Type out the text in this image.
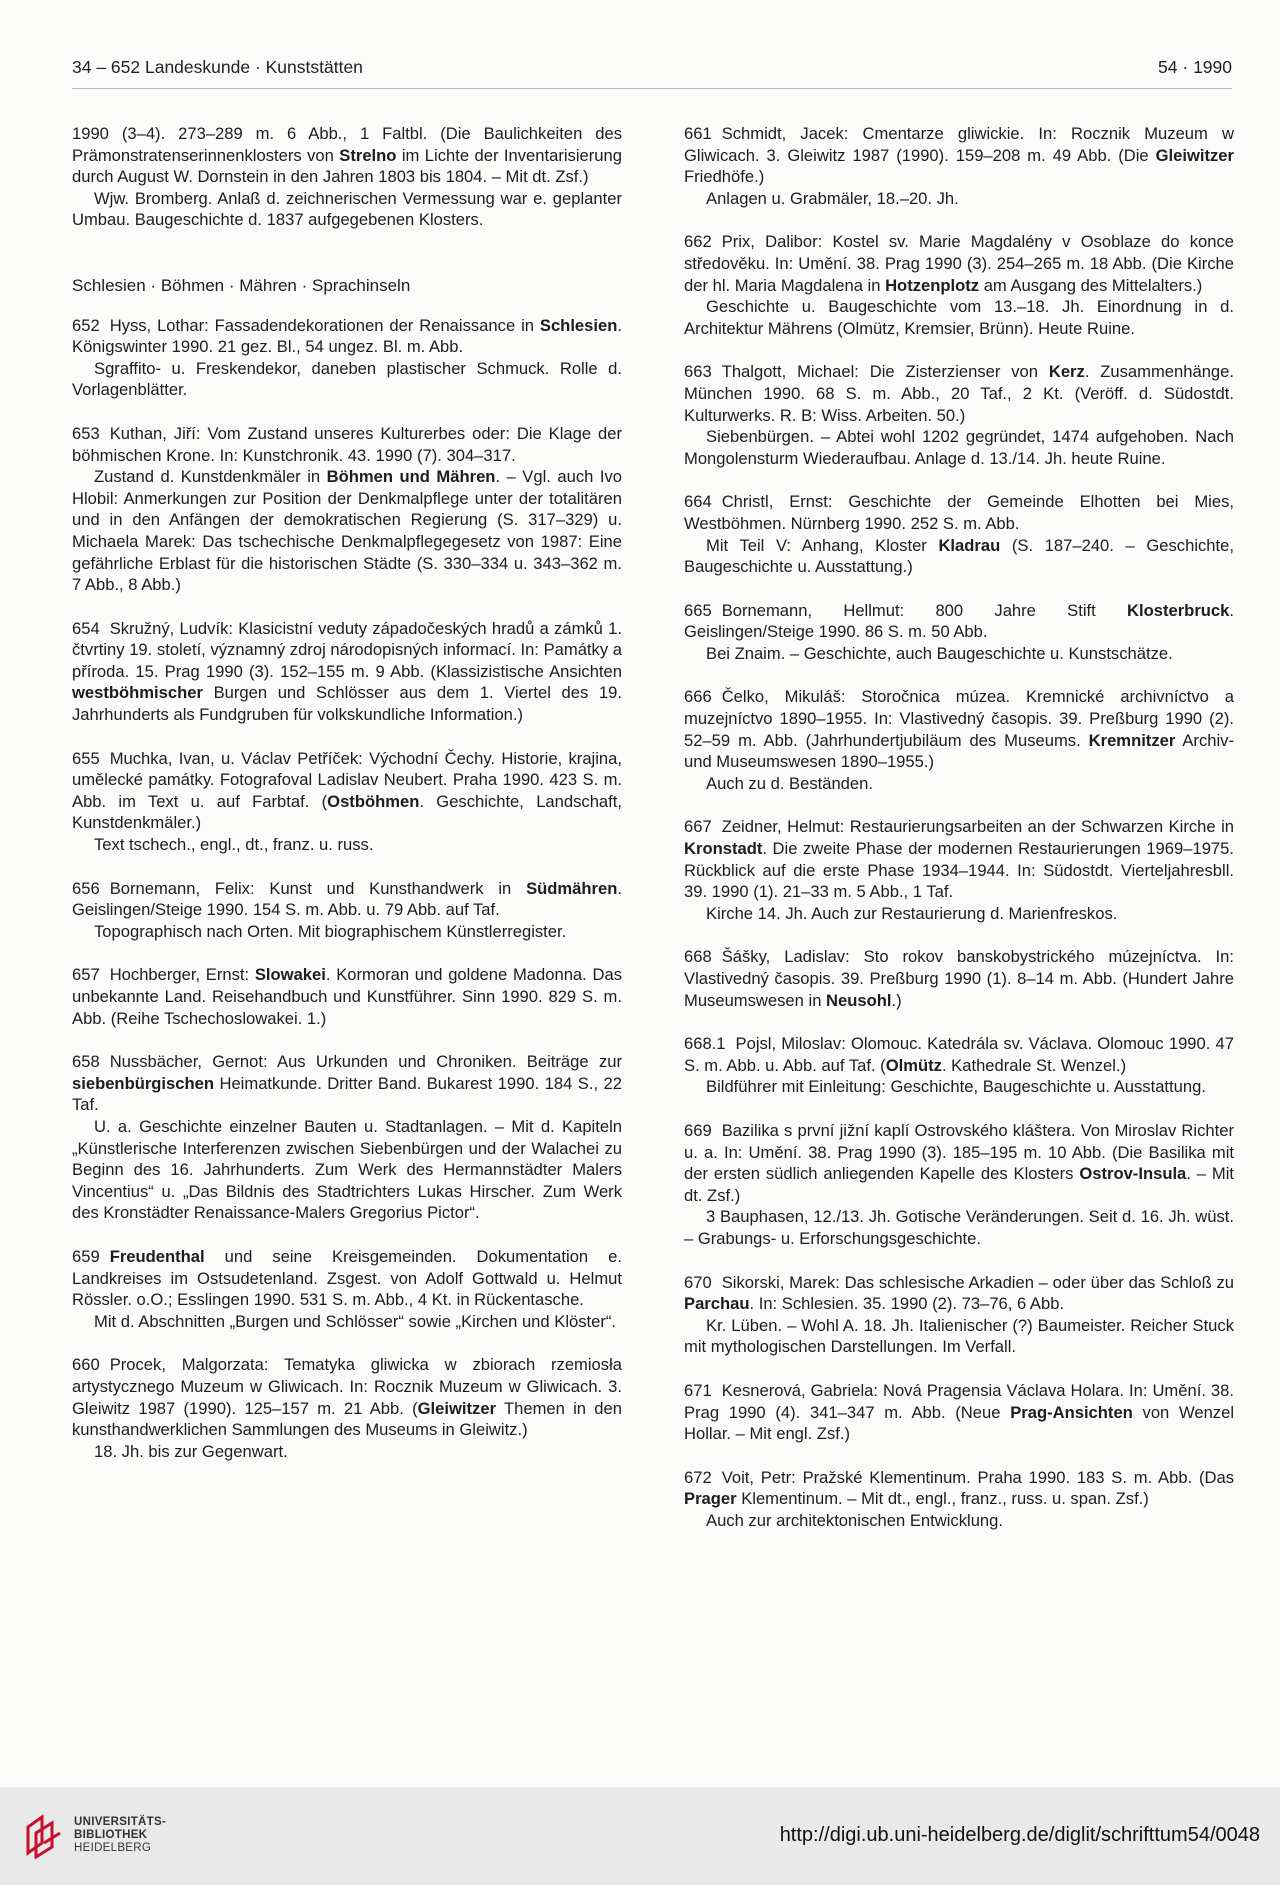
34 – 652 Landeskunde · Kunststätten	54 · 1990

1990 (3–4). 273–289 m. 6 Abb., 1 Faltbl. (Die Baulichkeiten des Prämonstratenserinnenklosters von Strelno im Lichte der Inventarisierung durch August W. Dornstein in den Jahren 1803 bis 1804. – Mit dt. Zsf.)

Wjw. Bromberg. Anlaß d. zeichnerischen Vermessung war e. geplanter Umbau. Baugeschichte d. 1837 aufgegebenen Klosters.

Schlesien · Böhmen · Mähren · Sprachinseln

652 Hyss, Lothar: Fassadendekorationen der Renaissance in Schlesien. Königswinter 1990. 21 gez. Bl., 54 ungez. Bl. m. Abb.

Sgraffito- u. Freskendekor, daneben plastischer Schmuck. Rolle d. Vorlagenblätter.

653 Kuthan, Jiří: Vom Zustand unseres Kulturerbes oder: Die Klage der böhmischen Krone. In: Kunstchronik. 43. 1990 (7). 304–317.

Zustand d. Kunstdenkmäler in Böhmen und Mähren. – Vgl. auch Ivo Hlobil: Anmerkungen zur Position der Denkmalpflege unter der totalitären und in den Anfängen der demokratischen Regierung (S. 317–329) u. Michaela Marek: Das tschechische Denkmalpflegegesetz von 1987: Eine gefährliche Erblast für die historischen Städte (S. 330–334 u. 343–362 m. 7 Abb., 8 Abb.)

654 Skružný, Ludvík: Klasicistní veduty západočeských hradů a zámků 1. čtvrtiny 19. století, významný zdroj národopisných informací. In: Památky a příroda. 15. Prag 1990 (3). 152–155 m. 9 Abb. (Klassizistische Ansichten westböhmischer Burgen und Schlösser aus dem 1. Viertel des 19. Jahrhunderts als Fundgruben für volkskundliche Information.)

655 Muchka, Ivan, u. Václav Petříček: Východní Čechy. Historie, krajina, umělecké památky. Fotografoval Ladislav Neubert. Praha 1990. 423 S. m. Abb. im Text u. auf Farbtaf. (Ostböhmen. Geschichte, Landschaft, Kunstdenkmäler.)

Text tschech., engl., dt., franz. u. russ.

656 Bornemann, Felix: Kunst und Kunsthandwerk in Südmähren. Geislingen/Steige 1990. 154 S. m. Abb. u. 79 Abb. auf Taf.

Topographisch nach Orten. Mit biographischem Künstlerregister.

657 Hochberger, Ernst: Slowakei. Kormoran und goldene Madonna. Das unbekannte Land. Reisehandbuch und Kunstführer. Sinn 1990. 829 S. m. Abb. (Reihe Tschechoslowakei. 1.)

658 Nussbächer, Gernot: Aus Urkunden und Chroniken. Beiträge zur siebenbürgischen Heimatkunde. Dritter Band. Bukarest 1990. 184 S., 22 Taf.

U. a. Geschichte einzelner Bauten u. Stadtanlagen. – Mit d. Kapiteln „Künstlerische Interferenzen zwischen Siebenbürgen und der Walachei zu Beginn des 16. Jahrhunderts. Zum Werk des Hermannstädter Malers Vincentius“ u. „Das Bildnis des Stadtrichters Lukas Hirscher. Zum Werk des Kronstädter Renaissance-Malers Gregorius Pictor“.

659 Freudenthal und seine Kreisgemeinden. Dokumentation e. Landkreises im Ostsudetenland. Zsgest. von Adolf Gottwald u. Helmut Rössler. o.O.; Esslingen 1990. 531 S. m. Abb., 4 Kt. in Rückentasche.

Mit d. Abschnitten „Burgen und Schlösser“ sowie „Kirchen und Klöster“.

660 Procek, Malgorzata: Tematyka gliwicka w zbiorach rzemiosła artystycznego Muzeum w Gliwicach. In: Rocznik Muzeum w Gliwicach. 3. Gleiwitz 1987 (1990). 125–157 m. 21 Abb. (Gleiwitzer Themen in den kunsthandwerklichen Sammlungen des Museums in Gleiwitz.)

18. Jh. bis zur Gegenwart.

661 Schmidt, Jacek: Cmentarze gliwickie. In: Rocznik Muzeum w Gliwicach. 3. Gleiwitz 1987 (1990). 159–208 m. 49 Abb. (Die Gleiwitzer Friedhöfe.)

Anlagen u. Grabmäler, 18.–20. Jh.

662 Prix, Dalibor: Kostel sv. Marie Magdalény v Osoblaze do konce středověku. In: Umění. 38. Prag 1990 (3). 254–265 m. 18 Abb. (Die Kirche der hl. Maria Magdalena in Hotzenplotz am Ausgang des Mittelalters.)

Geschichte u. Baugeschichte vom 13.–18. Jh. Einordnung in d. Architektur Mährens (Olmütz, Kremsier, Brünn). Heute Ruine.

663 Thalgott, Michael: Die Zisterzienser von Kerz. Zusammenhänge. München 1990. 68 S. m. Abb., 20 Taf., 2 Kt. (Veröff. d. Südostdt. Kulturwerks. R. B: Wiss. Arbeiten. 50.)

Siebenbürgen. – Abtei wohl 1202 gegründet, 1474 aufgehoben. Nach Mongolensturm Wiederaufbau. Anlage d. 13./14. Jh. heute Ruine.

664 Christl, Ernst: Geschichte der Gemeinde Elhotten bei Mies, Westböhmen. Nürnberg 1990. 252 S. m. Abb.

Mit Teil V: Anhang, Kloster Kladrau (S. 187–240. – Geschichte, Baugeschichte u. Ausstattung.)

665 Bornemann, Hellmut: 800 Jahre Stift Klosterbruck. Geislingen/Steige 1990. 86 S. m. 50 Abb.

Bei Znaim. – Geschichte, auch Baugeschichte u. Kunstschätze.

666 Čelko, Mikuláš: Storočnica múzea. Kremnické archivníctvo a muzejníctvo 1890–1955. In: Vlastivedný časopis. 39. Preßburg 1990 (2). 52–59 m. Abb. (Jahrhundertjubiläum des Museums. Kremnitzer Archiv- und Museumswesen 1890–1955.)

Auch zu d. Beständen.

667 Zeidner, Helmut: Restaurierungsarbeiten an der Schwarzen Kirche in Kronstadt. Die zweite Phase der modernen Restaurierungen 1969–1975. Rückblick auf die erste Phase 1934–1944. In: Südostdt. Vierteljahresbll. 39. 1990 (1). 21–33 m. 5 Abb., 1 Taf.

Kirche 14. Jh. Auch zur Restaurierung d. Marienfreskos.

668 Šášky, Ladislav: Sto rokov banskobystrického múzejníctva. In: Vlastivedný časopis. 39. Preßburg 1990 (1). 8–14 m. Abb. (Hundert Jahre Museumswesen in Neusohl.)

668.1 Pojsl, Miloslav: Olomouc. Katedrála sv. Václava. Olomouc 1990. 47 S. m. Abb. u. Abb. auf Taf. (Olmütz. Kathedrale St. Wenzel.)

Bildführer mit Einleitung: Geschichte, Baugeschichte u. Ausstattung.

669 Bazilika s první jižní kaplí Ostrovského kláštera. Von Miroslav Richter u. a. In: Umění. 38. Prag 1990 (3). 185–195 m. 10 Abb. (Die Basilika mit der ersten südlich anliegenden Kapelle des Klosters Ostrov-Insula. – Mit dt. Zsf.)

3 Bauphasen, 12./13. Jh. Gotische Veränderungen. Seit d. 16. Jh. wüst. – Grabungs- u. Erforschungsgeschichte.

670 Sikorski, Marek: Das schlesische Arkadien – oder über das Schloß zu Parchau. In: Schlesien. 35. 1990 (2). 73–76, 6 Abb.

Kr. Lüben. – Wohl A. 18. Jh. Italienischer (?) Baumeister. Reicher Stuck mit mythologischen Darstellungen. Im Verfall.

671 Kesnerová, Gabriela: Nová Pragensia Václava Holara. In: Umění. 38. Prag 1990 (4). 341–347 m. Abb. (Neue Prag-Ansichten von Wenzel Hollar. – Mit engl. Zsf.)

672 Voit, Petr: Pražské Klementinum. Praha 1990. 183 S. m. Abb. (Das Prager Klementinum. – Mit dt., engl., franz., russ. u. span. Zsf.)

Auch zur architektonischen Entwicklung.

UNIVERSITÄTS-
BIBLIOTHEK
HEIDELBERG
http://digi.ub.uni-heidelberg.de/diglit/schrifttum54/0048
